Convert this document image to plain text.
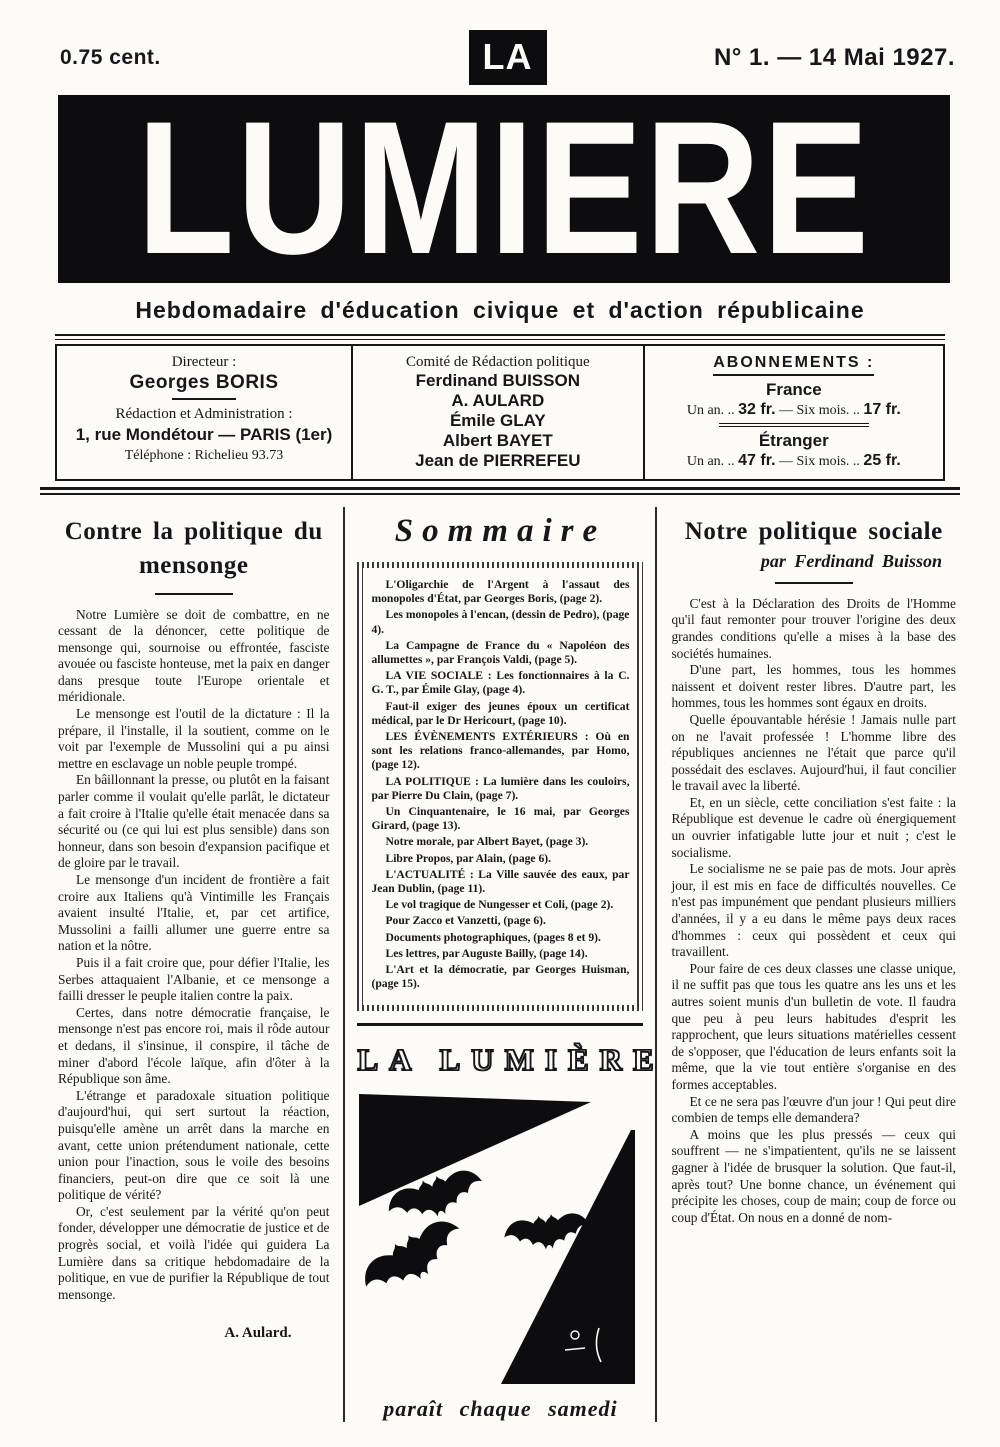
0.75 cent.	LA	N° 1. — 14 Mai 1927.
LUMIERE
Hebdomadaire d'éducation civique et d'action républicaine
Directeur :
Georges BORIS
Rédaction et Administration :
1, rue Mondétour — PARIS (1er)
Téléphone : Richelieu 93.73
Comité de Rédaction politique
Ferdinand BUISSON
A. AULARD
Émile GLAY
Albert BAYET
Jean de PIERREFEU
ABONNEMENTS :
France
Un an. .. 32 fr. — Six mois. .. 17 fr.
Étranger
Un an. .. 47 fr. — Six mois. .. 25 fr.
Contre la politique du mensonge

Notre Lumière se doit de combattre, en ne cessant de la dénoncer, cette politique de mensonge qui, sournoise ou effrontée, fasciste avouée ou fasciste honteuse, met la paix en danger dans presque toute l'Europe orientale et méridionale.

Le mensonge est l'outil de la dictature : Il la prépare, il l'installe, il la soutient, comme on le voit par l'exemple de Mussolini qui a pu ainsi mettre en esclavage un noble peuple trompé.

En bâillonnant la presse, ou plutôt en la faisant parler comme il voulait qu'elle parlât, le dictateur a fait croire à l'Italie qu'elle était menacée dans sa sécurité ou (ce qui lui est plus sensible) dans son honneur, dans son besoin d'expansion pacifique et de gloire par le travail.

Le mensonge d'un incident de frontière a fait croire aux Italiens qu'à Vintimille les Français avaient insulté l'Italie, et, par cet artifice, Mussolini a failli allumer une guerre entre sa nation et la nôtre.

Puis il a fait croire que, pour défier l'Italie, les Serbes attaquaient l'Albanie, et ce mensonge a failli dresser le peuple italien contre la paix.

Certes, dans notre démocratie française, le mensonge n'est pas encore roi, mais il rôde autour et dedans, il s'insinue, il conspire, il tâche de miner d'abord l'école laïque, afin d'ôter à la République son âme.

L'étrange et paradoxale situation politique d'aujourd'hui, qui sert surtout la réaction, puisqu'elle amène un arrêt dans la marche en avant, cette union prétendument nationale, cette union pour l'inaction, sous le voile des besoins financiers, peut-on dire que ce soit là une politique de vérité?

Or, c'est seulement par la vérité qu'on peut fonder, développer une démocratie de justice et de progrès social, et voilà l'idée qui guidera La Lumière dans sa critique hebdomadaire de la politique, en vue de purifier la République de tout mensonge.

A. Aulard.
Sommaire

L'Oligarchie de l'Argent à l'assaut des monopoles d'État, par Georges Boris, (page 2).

Les monopoles à l'encan, (dessin de Pedro), (page 4).

La Campagne de France du « Napoléon des allumettes », par François Valdi, (page 5).

LA VIE SOCIALE : Les fonctionnaires à la C. G. T., par Émile Glay, (page 4).

Faut-il exiger des jeunes époux un certificat médical, par le Dr Hericourt, (page 10).

LES ÉVÈNEMENTS EXTÉRIEURS : Où en sont les relations franco-allemandes, par Homo, (page 12).

LA POLITIQUE : La lumière dans les couloirs, par Pierre Du Clain, (page 7).

Un Cinquantenaire, le 16 mai, par Georges Girard, (page 13).

Notre morale, par Albert Bayet, (page 3).

Libre Propos, par Alain, (page 6).

L'ACTUALITÉ : La Ville sauvée des eaux, par Jean Dublin, (page 11).

Le vol tragique de Nungesser et Coli, (page 2).

Pour Zacco et Vanzetti, (page 6).

Documents photographiques, (pages 8 et 9).

Les lettres, par Auguste Bailly, (page 14).

L'Art et la démocratie, par Georges Huisman, (page 15).

LA LUMIÈRE
paraît chaque samedi
Notre politique sociale
par Ferdinand Buisson

C'est à la Déclaration des Droits de l'Homme qu'il faut remonter pour trouver l'origine des deux grandes conditions qu'elle a mises à la base des sociétés humaines.

D'une part, les hommes, tous les hommes naissent et doivent rester libres. D'autre part, les hommes, tous les hommes sont égaux en droits.

Quelle épouvantable hérésie ! Jamais nulle part on ne l'avait professée ! L'homme libre des républiques anciennes ne l'était que parce qu'il possédait des esclaves. Aujourd'hui, il faut concilier le travail avec la liberté.

Et, en un siècle, cette conciliation s'est faite : la République est devenue le cadre où énergiquement un ouvrier infatigable lutte jour et nuit ; c'est le socialisme.

Le socialisme ne se paie pas de mots. Jour après jour, il est mis en face de difficultés nouvelles. Ce n'est pas impunément que pendant plusieurs milliers d'années, il y a eu dans le même pays deux races d'hommes : ceux qui possèdent et ceux qui travaillent.

Pour faire de ces deux classes une classe unique, il ne suffit pas que tous les quatre ans les uns et les autres soient munis d'un bulletin de vote. Il faudra que peu à peu leurs habitudes d'esprit les rapprochent, que leurs situations matérielles cessent de s'opposer, que l'éducation de leurs enfants soit la même, que la vie tout entière s'organise en des formes acceptables.

Et ce ne sera pas l'œuvre d'un jour ! Qui peut dire combien de temps elle demandera?

A moins que les plus pressés — ceux qui souffrent — ne s'impatientent, qu'ils ne se laissent gagner à l'idée de brusquer la solution. Que faut-il, après tout? Une bonne chance, un événement qui précipite les choses, coup de main; coup de force ou coup d'État. On nous en a donné de nom-
